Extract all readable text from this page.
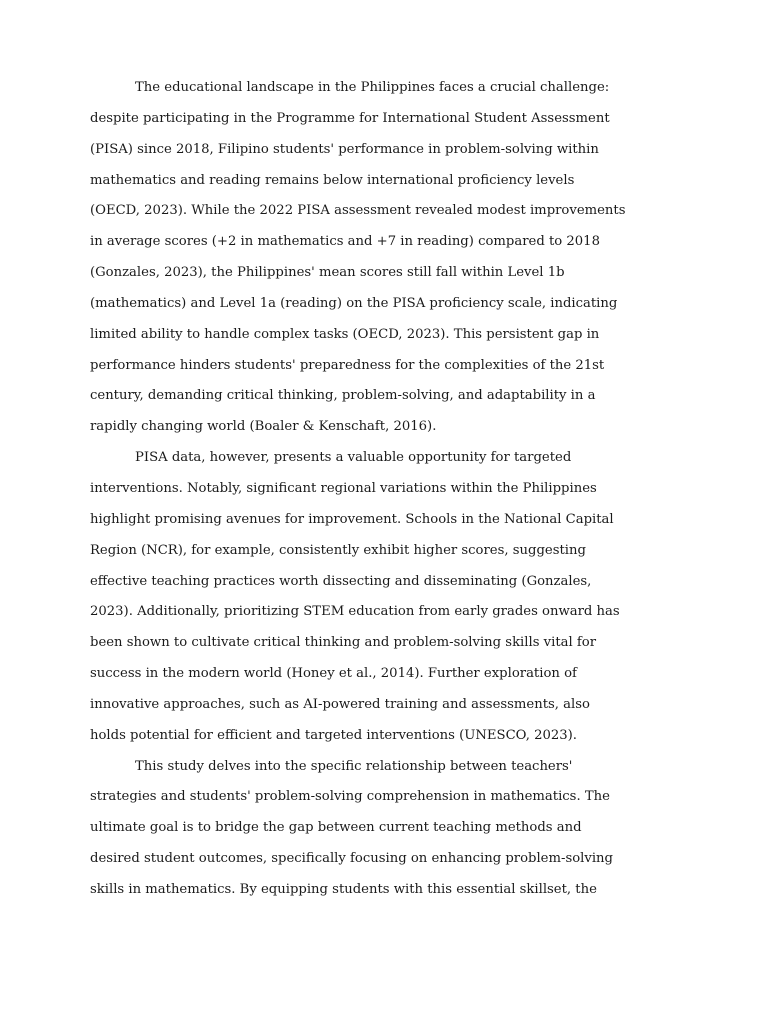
The educational landscape in the Philippines faces a crucial challenge:
despite participating in the Programme for International Student Assessment
(PISA) since 2018, Filipino students' performance in problem-solving within
mathematics and reading remains below international proficiency levels
(OECD, 2023). While the 2022 PISA assessment revealed modest improvements
in average scores (+2 in mathematics and +7 in reading) compared to 2018
(Gonzales, 2023), the Philippines' mean scores still fall within Level 1b
(mathematics) and Level 1a (reading) on the PISA proficiency scale, indicating
limited ability to handle complex tasks (OECD, 2023). This persistent gap in
performance hinders students' preparedness for the complexities of the 21st
century, demanding critical thinking, problem-solving, and adaptability in a
rapidly changing world (Boaler & Kenschaft, 2016).

PISA data, however, presents a valuable opportunity for targeted
interventions. Notably, significant regional variations within the Philippines
highlight promising avenues for improvement. Schools in the National Capital
Region (NCR), for example, consistently exhibit higher scores, suggesting
effective teaching practices worth dissecting and disseminating (Gonzales,
2023). Additionally, prioritizing STEM education from early grades onward has
been shown to cultivate critical thinking and problem-solving skills vital for
success in the modern world (Honey et al., 2014). Further exploration of
innovative approaches, such as AI-powered training and assessments, also
holds potential for efficient and targeted interventions (UNESCO, 2023).

This study delves into the specific relationship between teachers'
strategies and students' problem-solving comprehension in mathematics. The
ultimate goal is to bridge the gap between current teaching methods and
desired student outcomes, specifically focusing on enhancing problem-solving
skills in mathematics. By equipping students with this essential skillset, the
